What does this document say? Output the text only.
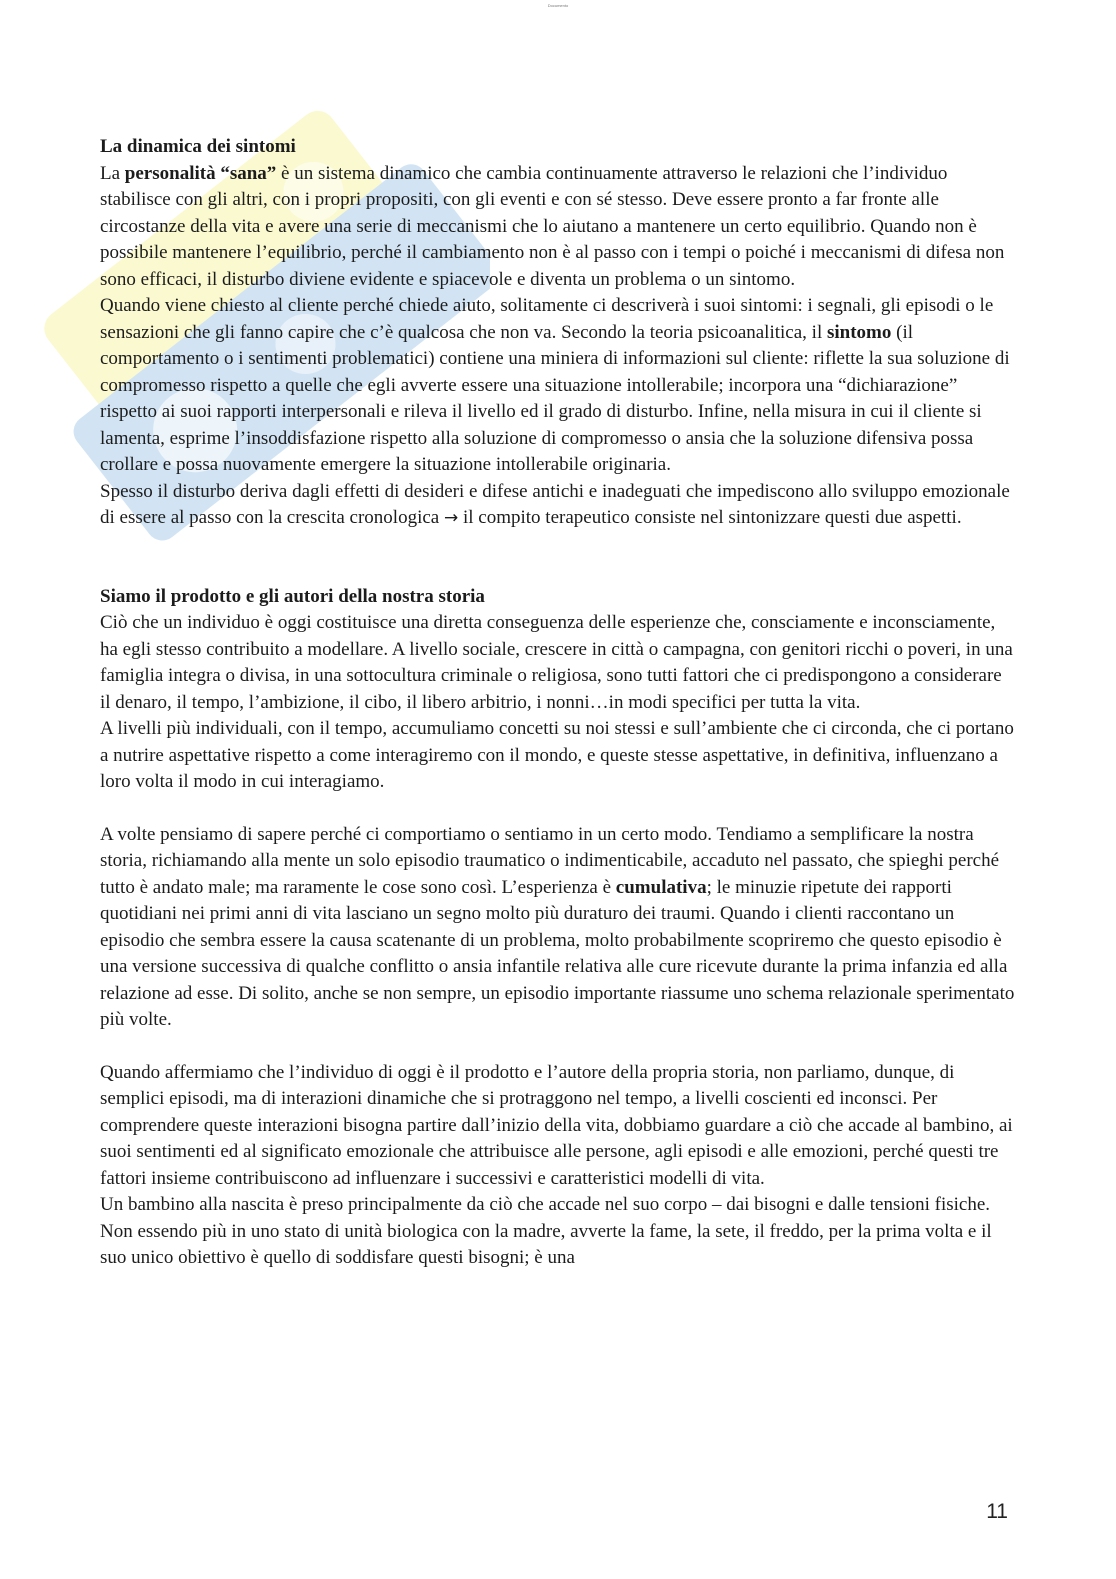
Documento
La dinamica dei sintomi

La personalità “sana” è un sistema dinamico che cambia continuamente attraverso le relazioni che l’individuo stabilisce con gli altri, con i propri propositi, con gli eventi e con sé stesso. Deve essere pronto a far fronte alle circostanze della vita e avere una serie di meccanismi che lo aiutano a mantenere un certo equilibrio. Quando non è possibile mantenere l’equilibrio, perché il cambiamento non è al passo con i tempi o poiché i meccanismi di difesa non sono efficaci, il disturbo diviene evidente e spiacevole e diventa un problema o un sintomo.

Quando viene chiesto al cliente perché chiede aiuto, solitamente ci descriverà i suoi sintomi: i segnali, gli episodi o le sensazioni che gli fanno capire che c’è qualcosa che non va. Secondo la teoria psicoanalitica, il sintomo (il comportamento o i sentimenti problematici) contiene una miniera di informazioni sul cliente: riflette la sua soluzione di compromesso rispetto a quelle che egli avverte essere una situazione intollerabile; incorpora una “dichiarazione” rispetto ai suoi rapporti interpersonali e rileva il livello ed il grado di disturbo. Infine, nella misura in cui il cliente si lamenta, esprime l’insoddisfazione rispetto alla soluzione di compromesso o ansia che la soluzione difensiva possa crollare e possa nuovamente emergere la situazione intollerabile originaria.

Spesso il disturbo deriva dagli effetti di desideri e difese antichi e inadeguati che impediscono allo sviluppo emozionale di essere al passo con la crescita cronologica → il compito terapeutico consiste nel sintonizzare questi due aspetti.

Siamo il prodotto e gli autori della nostra storia

Ciò che un individuo è oggi costituisce una diretta conseguenza delle esperienze che, consciamente e inconsciamente, ha egli stesso contribuito a modellare. A livello sociale, crescere in città o campagna, con genitori ricchi o poveri, in una famiglia integra o divisa, in una sottocultura criminale o religiosa, sono tutti fattori che ci predispongono a considerare il denaro, il tempo, l’ambizione, il cibo, il libero arbitrio, i nonni…in modi specifici per tutta la vita.

A livelli più individuali, con il tempo, accumuliamo concetti su noi stessi e sull’ambiente che ci circonda, che ci portano a nutrire aspettative rispetto a come interagiremo con il mondo, e queste stesse aspettative, in definitiva, influenzano a loro volta il modo in cui interagiamo.

A volte pensiamo di sapere perché ci comportiamo o sentiamo in un certo modo. Tendiamo a semplificare la nostra storia, richiamando alla mente un solo episodio traumatico o indimenticabile, accaduto nel passato, che spieghi perché tutto è andato male; ma raramente le cose sono così. L’esperienza è cumulativa; le minuzie ripetute dei rapporti quotidiani nei primi anni di vita lasciano un segno molto più duraturo dei traumi. Quando i clienti raccontano un episodio che sembra essere la causa scatenante di un problema, molto probabilmente scopriremo che questo episodio è una versione successiva di qualche conflitto o ansia infantile relativa alle cure ricevute durante la prima infanzia ed alla relazione ad esse. Di solito, anche se non sempre, un episodio importante riassume uno schema relazionale sperimentato più volte.

Quando affermiamo che l’individuo di oggi è il prodotto e l’autore della propria storia, non parliamo, dunque, di semplici episodi, ma di interazioni dinamiche che si protraggono nel tempo, a livelli coscienti ed inconsci. Per comprendere queste interazioni bisogna partire dall’inizio della vita, dobbiamo guardare a ciò che accade al bambino, ai suoi sentimenti ed al significato emozionale che attribuisce alle persone, agli episodi e alle emozioni, perché questi tre fattori insieme contribuiscono ad influenzare i successivi e caratteristici modelli di vita.

Un bambino alla nascita è preso principalmente da ciò che accade nel suo corpo – dai bisogni e dalle tensioni fisiche. Non essendo più in uno stato di unità biologica con la madre, avverte la fame, la sete, il freddo, per la prima volta e il suo unico obiettivo è quello di soddisfare questi bisogni; è una

11
